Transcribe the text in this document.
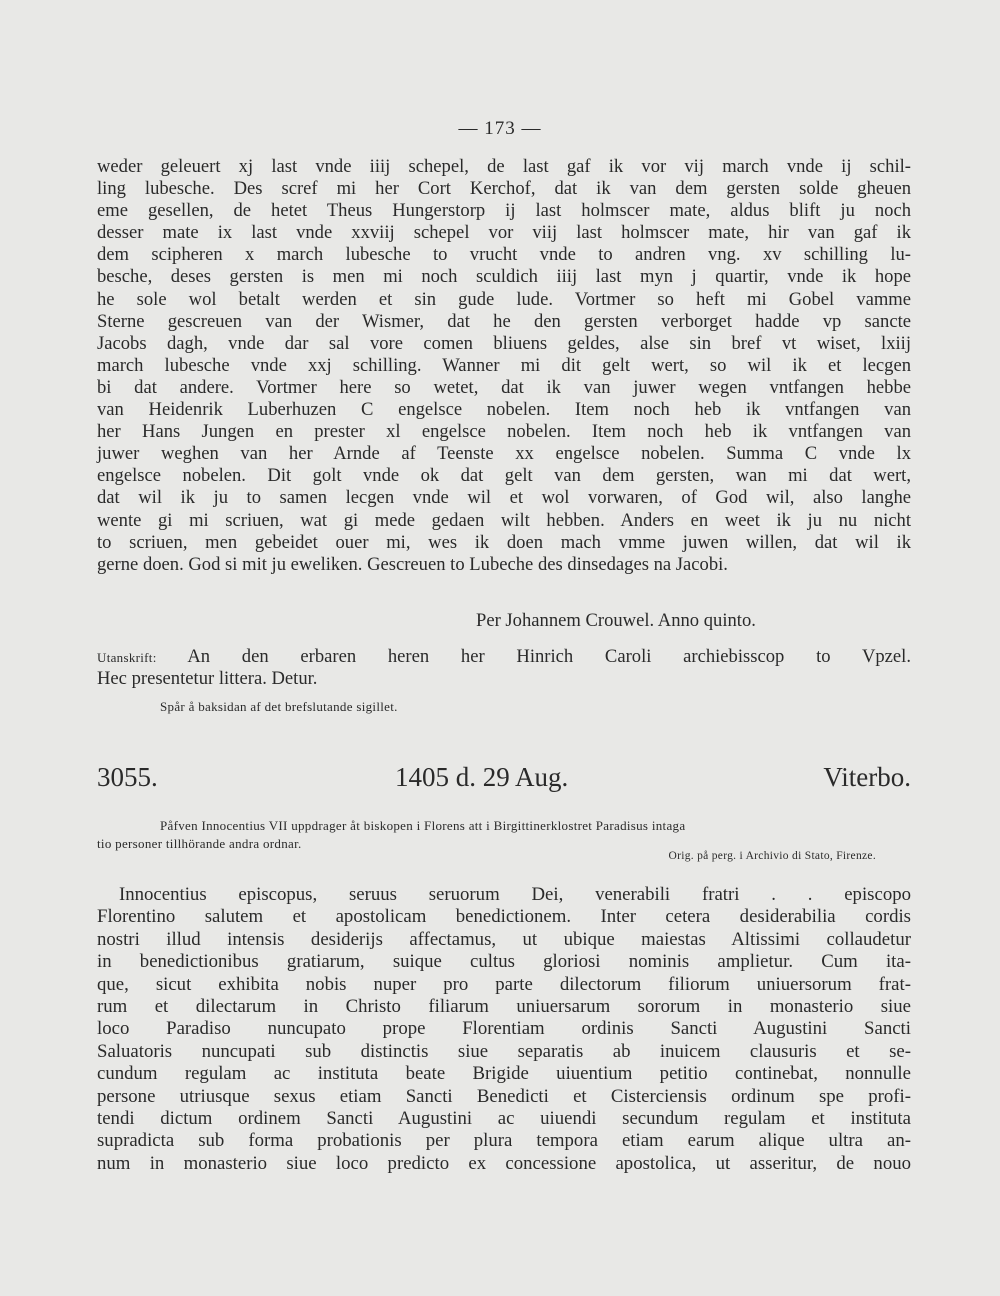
— 173 —
weder geleuert xj last vnde iiij schepel, de last gaf ik vor vij march vnde ij schil-
ling lubesche. Des scref mi her Cort Kerchof, dat ik van dem gersten solde gheuen
eme gesellen, de hetet Theus Hungerstorp ij last holmscer mate, aldus blift ju noch
desser mate ix last vnde xxviij schepel vor viij last holmscer mate, hir van gaf ik
dem scipheren x march lubesche to vrucht vnde to andren vng. xv schilling lu-
besche, deses gersten is men mi noch sculdich iiij last myn j quartir, vnde ik hope
he sole wol betalt werden et sin gude lude. Vortmer so heft mi Gobel vamme
Sterne gescreuen van der Wismer, dat he den gersten verborget hadde vp sancte
Jacobs dagh, vnde dar sal vore comen bliuens geldes, alse sin bref vt wiset, lxiij
march lubesche vnde xxj schilling. Wanner mi dit gelt wert, so wil ik et lecgen
bi dat andere. Vortmer here so wetet, dat ik van juwer wegen vntfangen hebbe
van Heidenrik Luberhuzen C engelsce nobelen. Item noch heb ik vntfangen van
her Hans Jungen en prester xl engelsce nobelen. Item noch heb ik vntfangen van
juwer weghen van her Arnde af Teenste xx engelsce nobelen. Summa C vnde lx
engelsce nobelen. Dit golt vnde ok dat gelt van dem gersten, wan mi dat wert,
dat wil ik ju to samen lecgen vnde wil et wol vorwaren, of God wil, also langhe
wente gi mi scriuen, wat gi mede gedaen wilt hebben. Anders en weet ik ju nu nicht
to scriuen, men gebeidet ouer mi, wes ik doen mach vmme juwen willen, dat wil ik
gerne doen. God si mit ju eweliken. Gescreuen to Lubeche des dinsedages na Jacobi.
Per Johannem Crouwel. Anno quinto.
Utanskrift: An den erbaren heren her Hinrich Caroli archiebisscop to Vpzel.
Hec presentetur littera. Detur.
Spår å baksidan af det brefslutande sigillet.
3055.	1405 d. 29 Aug.	Viterbo.
Påfven Innocentius VII uppdrager åt biskopen i Florens att i Birgittinerklostret Paradisus intaga
tio personer tillhörande andra ordnar.
Orig. på perg. i Archivio di Stato, Firenze.
Innocentius episcopus, seruus seruorum Dei, venerabili fratri . . episcopo
Florentino salutem et apostolicam benedictionem. Inter cetera desiderabilia cordis
nostri illud intensis desiderijs affectamus, ut ubique maiestas Altissimi collaudetur
in benedictionibus gratiarum, suique cultus gloriosi nominis amplietur. Cum ita-
que, sicut exhibita nobis nuper pro parte dilectorum filiorum uniuersorum frat-
rum et dilectarum in Christo filiarum uniuersarum sororum in monasterio siue
loco Paradiso nuncupato prope Florentiam ordinis Sancti Augustini Sancti
Saluatoris nuncupati sub distinctis siue separatis ab inuicem clausuris et se-
cundum regulam ac instituta beate Brigide uiuentium petitio continebat, nonnulle
persone utriusque sexus etiam Sancti Benedicti et Cisterciensis ordinum spe profi-
tendi dictum ordinem Sancti Augustini ac uiuendi secundum regulam et instituta
supradicta sub forma probationis per plura tempora etiam earum alique ultra an-
num in monasterio siue loco predicto ex concessione apostolica, ut asseritur, de nouo
